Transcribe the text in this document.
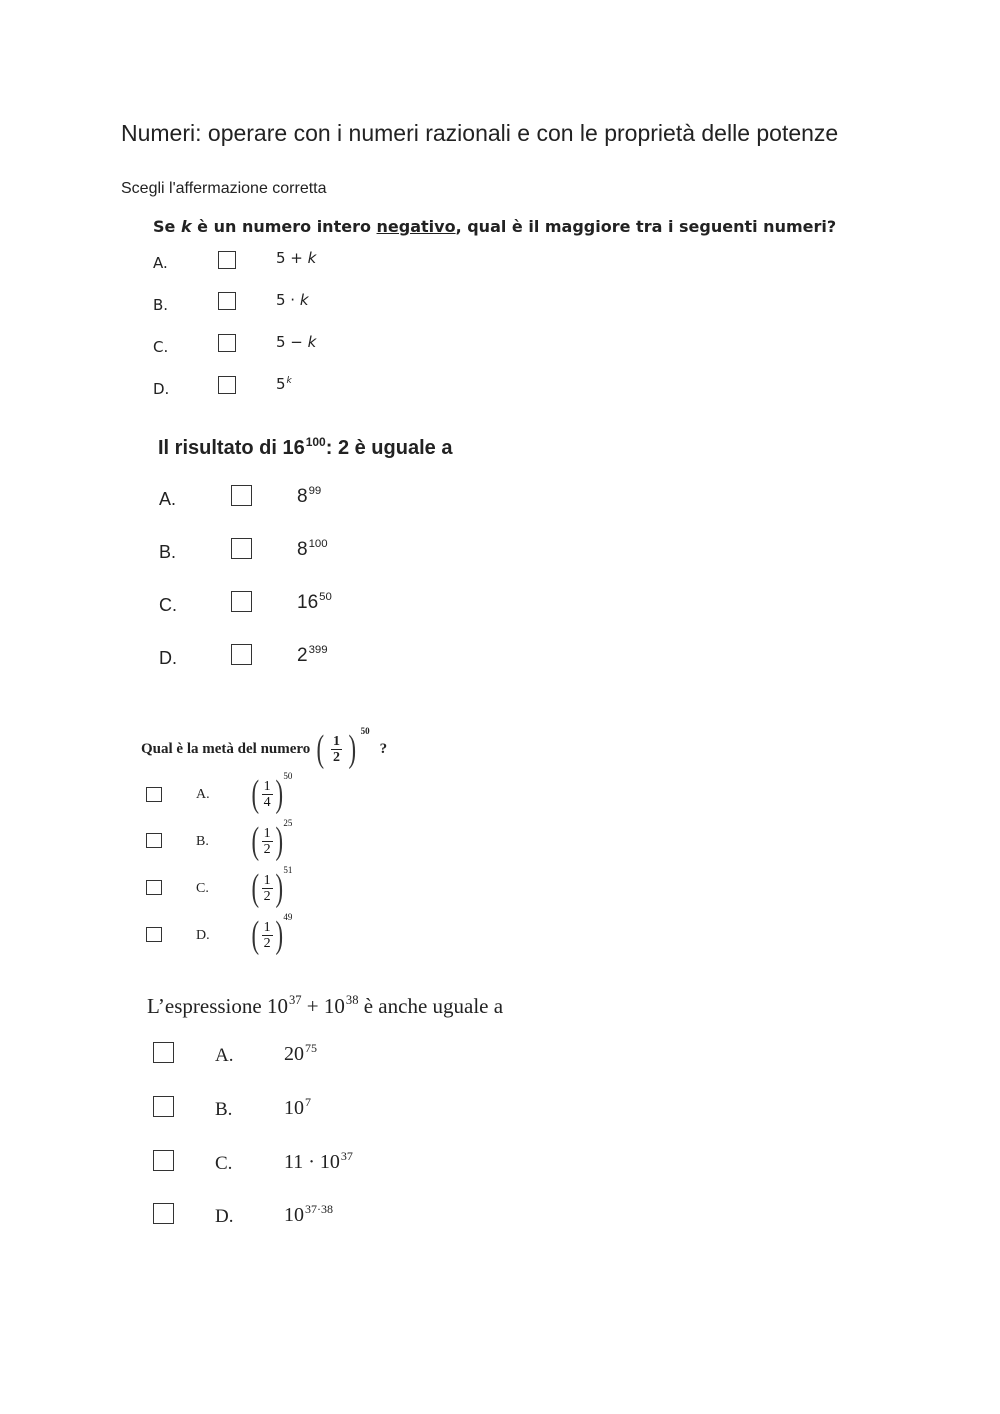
Numeri: operare con i numeri razionali e con le proprietà delle potenze
Scegli l'affermazione corretta
Se k è un numero intero negativo, qual è il maggiore tra i seguenti numeri?
A.	5 + k
B.	5 · k
C.	5 − k
D.	5$^k$
Il risultato di $16^{100}$: 2 è uguale a
A.	$8^{99}$
B.	$8^{100}$
C.	$16^{50}$
D.	$2^{399}$
Qual è la metà del numero ( $\frac{1}{2}$ ) 50
?
A. ( $\frac{1}{4}$ ) 50
B. ( $\frac{1}{2}$ ) 25
C. ( $\frac{1}{2}$ ) 51
D. ( $\frac{1}{2}$ ) 49
L’espressione $10^{37} + 10^{38}$ è anche uguale a
A.	$20^{75}$
B.	$10^7$
C.	$11 \cdot 10^{37}$
D.	$10^{37\cdot 38}$
